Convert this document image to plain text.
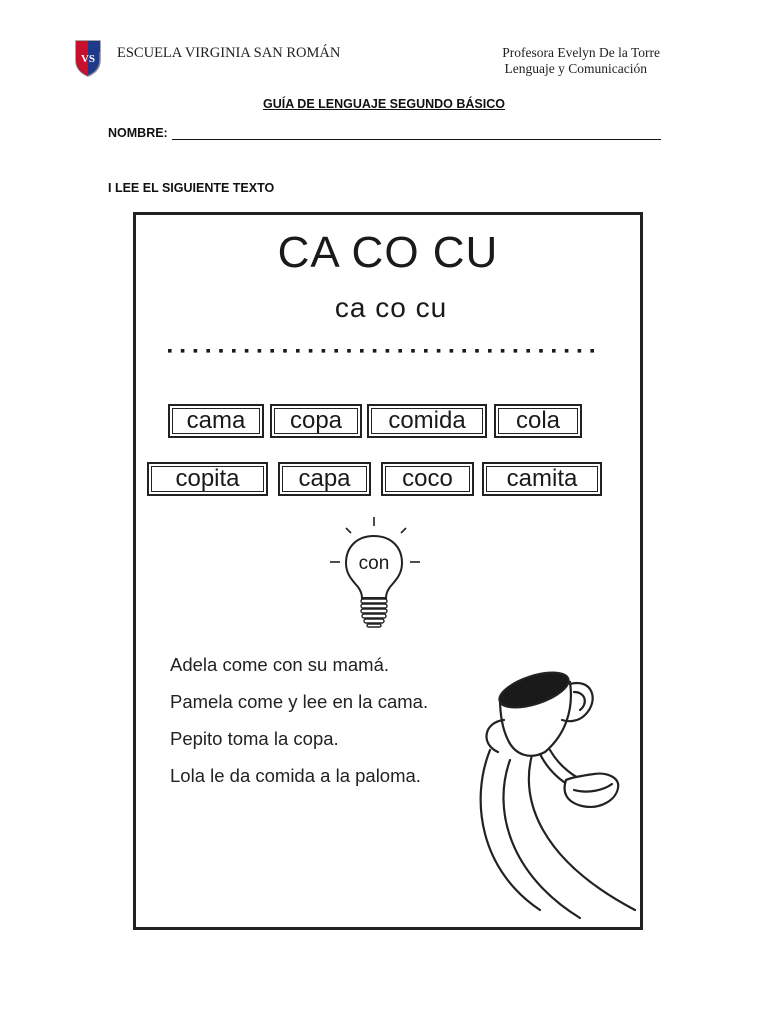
VS ESCUELA VIRGINIA SAN ROMÁN	Profesora Evelyn De la Torre
Lenguaje y Comunicación
GUÍA DE LENGUAJE SEGUNDO BÁSICO
NOMBRE:
I LEE EL SIGUIENTE TEXTO
CA CO CU
ca co cu
cama	copa	comida	cola
copita	capa	coco	camita
con
Adela come con su mamá.
Pamela come y lee en la cama.
Pepito toma la copa.
Lola le da comida a la paloma.
